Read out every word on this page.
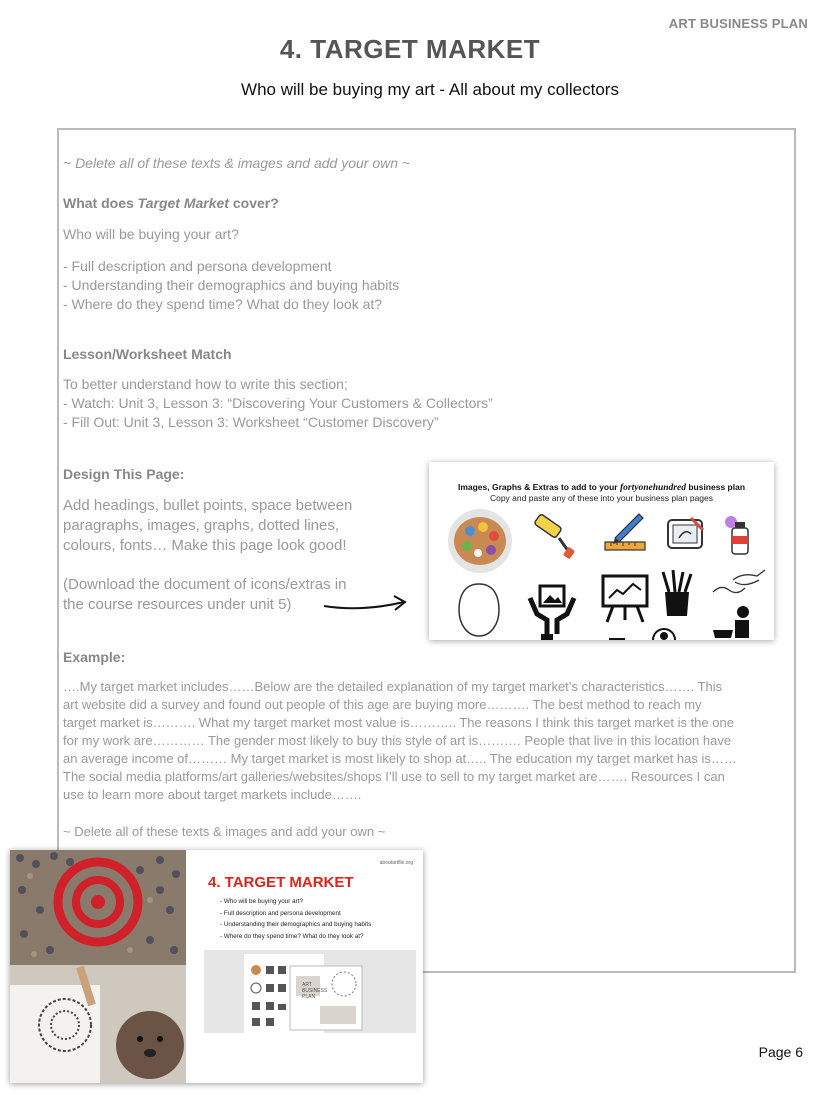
ART BUSINESS PLAN
4. TARGET MARKET
Who will be buying my art - All about my collectors
~ Delete all of these texts & images and add your own ~
What does Target Market cover?
Who will be buying your art?
- Full description and persona development
- Understanding their demographics and buying habits
- Where do they spend time? What do they look at?
Lesson/Worksheet Match
To better understand how to write this section;
- Watch: Unit 3, Lesson 3: “Discovering Your Customers & Collectors”
- Fill Out: Unit 3, Lesson 3: Worksheet “Customer Discovery”
Design This Page:
Add headings, bullet points, space between
paragraphs, images, graphs, dotted lines,
colours, fonts… Make this page look good!
(Download the document of icons/extras in
the course resources under unit 5)
Images, Graphs & Extras to add to your fortyonehundred business plan
Copy and paste any of these into your business plan pages
Example:
….My target market includes……Below are the detailed explanation of my target market’s characteristics……. This
art website did a survey and found out people of this age are buying more………. The best method to reach my
target market is………. What my target market most value is……….. The reasons I think this target market is the one
for my work are………… The gender most likely to buy this style of art is………. People that live in this location have
an average income of……… My target market is most likely to shop at….. The education my target market has is……
The social media platforms/art galleries/websites/shops I’ll use to sell to my target market are……. Resources I can
use to learn more about target markets include…….
~ Delete all of these texts & images and add your own ~
aboutartfile.org
4. TARGET MARKET
- Who will be buying your art?
- Full description and persona development
- Understanding their demographics and buying habits
- Where do they spend time? What do they look at?
ART BUSINESS PLAN
Page 6
